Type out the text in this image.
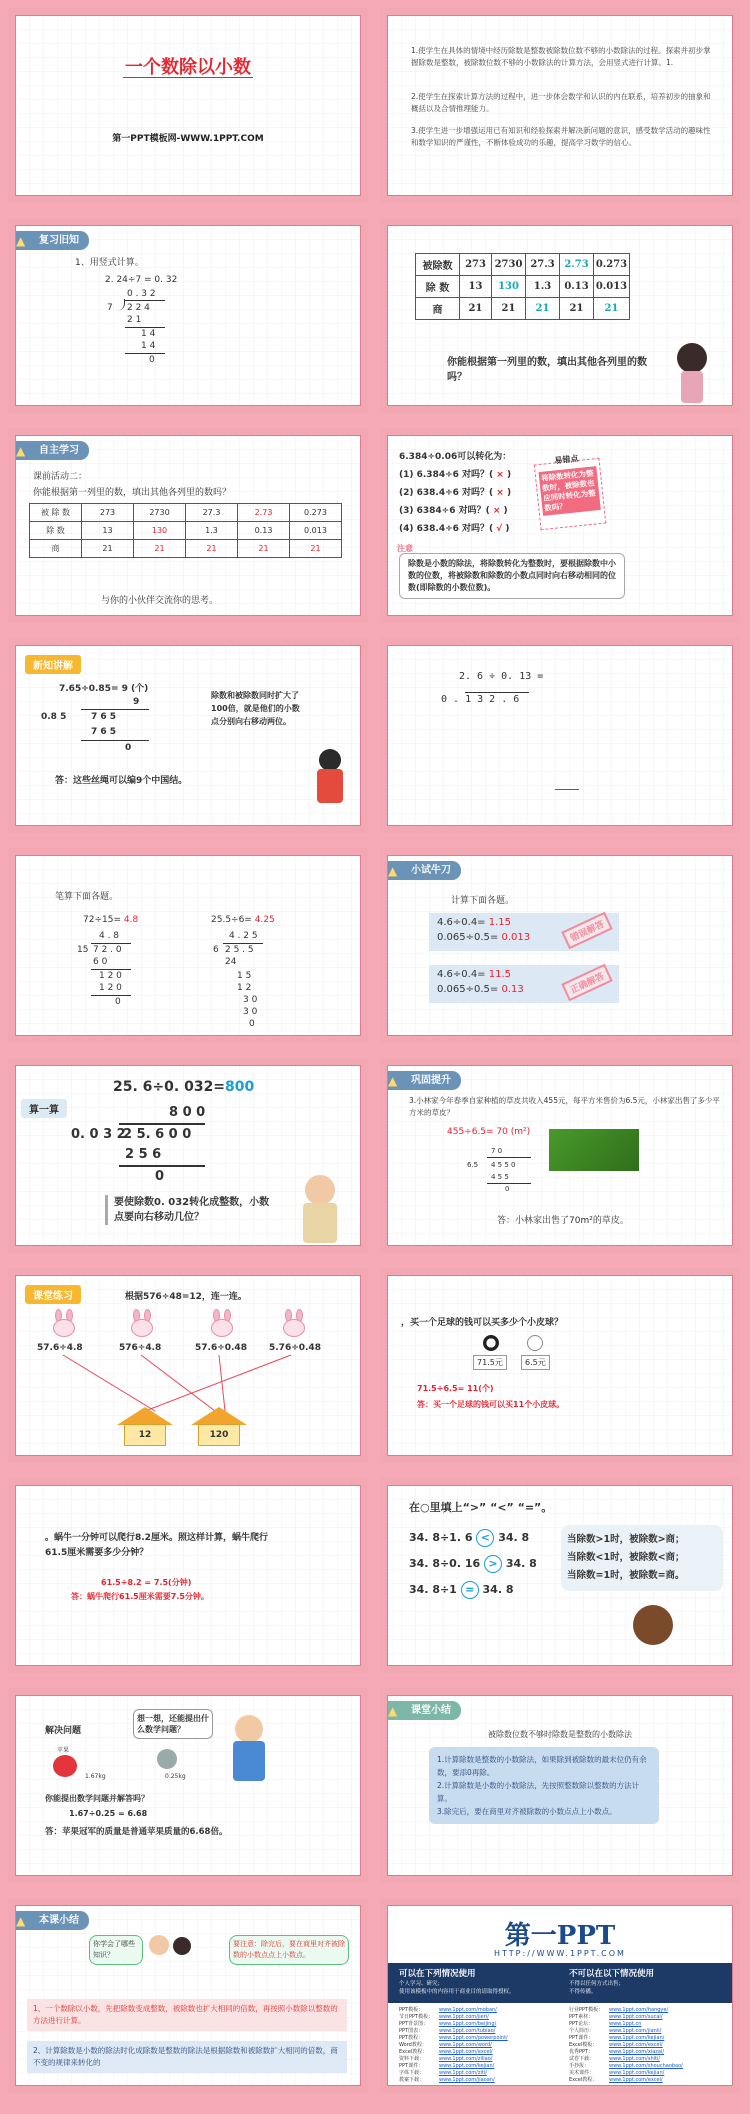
一个数除以小数
第一PPT模板网-WWW.1PPT.COM
1.使学生在具体的情境中经历除数是整数被除数位数不够的小数除法的过程。探索并初步掌握除数是整数，被除数位数不够的小数除法的计算方法，会用竖式进行计算。1.
2.使学生在探索计算方法的过程中，进一步体会数学和认识的内在联系，培养初步的抽象和概括以及合情推理能力。
3.使学生进一步增强运用已有知识和经验探索并解决新问题的意识，感受数学活动的趣味性和数学知识的严谨性，不断体验成功的乐趣，提高学习数学的信心。
▲ 复习旧知
1、用竖式计算。
2. 24÷7 = 0. 32
0 . 3 2
7 2 2 4
2 1
1 4
1 4
0
被除数	273	2730	27.3	2.73	0.273
除 数	13	130	1.3	0.13	0.013
商	21	21	21	21	21
你能根据第一列里的数，填出其他各列里的数吗？
▲ 自主学习
课前活动二：
你能根据第一列里的数，填出其他各列里的数吗？
被 除 数	273	2730	27.3	2.73	0.273
除 数	13	130	1.3	0.13	0.013
商	21	21	21	21	21
与你的小伙伴交流你的思考。
6.384÷0.06可以转化为：
(1) 6.384÷6 对吗？( × )
(2) 638.4÷6 对吗？( × )
(3) 6384÷6 对吗？( × )
(4) 638.4÷6 对吗？( √ )
易错点
将除数转化为整数时，被除数也应同时转化为整数吗？
注意
除数是小数的除法，将除数转化为整数时，要根据除数中小数的位数，将被除数和除数的小数点同时向右移动相同的位数(即除数的小数位数)。
新知讲解
7.65÷0.85= 9 (个)
9
0.8 5	7 6 5
7 6 5
0
答：这些丝绳可以编9个中国结。
除数和被除数同时扩大了100倍，就是他们的小数点分别向右移动两位。
2. 6 ÷ 0. 13 =
0 . 1 3 2 . 6
笔算下面各题。
72÷15= 4.8	25.5÷6= 4.25
4 . 8
15 7 2 . 0
6 0
1 2 0
1 2 0
0
4 . 2 5
6 2 5 . 5
24
1 5
1 2
3 0
3 0
0
▲ 小试牛刀
计算下面各题。
4.6÷0.4= 1.15
0.065÷0.5= 0.013	错误解答
4.6÷0.4= 11.5
0.065÷0.5= 0.13	正确解答
算一算
25. 6÷0. 032=800
8 0 0
0. 0 3 2
2 5. 6 0 0
2 5 6
0
要使除数0. 032转化成整数，小数点要向右移动几位？
▲ 巩固提升
3.小林家今年春季自家种植的草皮共收入455元，每平方米售价为6.5元，小林家出售了多少平方米的草皮？
455÷6.5= 70 (m²)
7 0
6.5 4 5 5 0
4 5 5
0
答：小林家出售了70m²的草皮。
课堂练习	根据576÷48=12，连一连。
57.6÷4.8	576÷4.8	57.6÷0.48 5.76÷0.48
12	120
，买一个足球的钱可以买多少个小皮球？
71.5元	6.5元
71.5÷6.5= 11(个)
答：买一个足球的钱可以买11个小皮球。
。蜗牛一分钟可以爬行8.2厘米。照这样计算，蜗牛爬行61.5厘米需要多少分钟？
61.5÷8.2 = 7.5(分钟)
答：蜗牛爬行61.5厘米需要7.5分钟。
在○里填上“>” “<” “=”。
34. 8÷1. 6 < 34. 8
34. 8÷0. 16 > 34. 8
34. 8÷1 = 34. 8
当除数>1时，被除数>商；
当除数<1时，被除数<商；
当除数=1时，被除数=商。
解决问题
想一想，还能提出什么数学问题？
苹果
1.67kg	0.25kg
你能提出数学问题并解答吗？
1.67÷0.25 = 6.68
答：苹果冠军的质量是普通苹果质量的6.68倍。
▲ 课堂小结
被除数位数不够时除数是整数的小数除法
1.计算除数是整数的小数除法，如果除到被除数的最末位仍有余数，要添0再除。
2.计算除数是小数的小数除法，先按照整数除以整数的方法计算。
3.除完后，要在商里对齐被除数的小数点点上小数点。
▲ 本课小结
你学会了哪些知识？
要注意：除完后，要在商里对齐被除数的小数点点上小数点。
1、一个数除以小数，先把除数变成整数，被除数也扩大相同的倍数，再按照小数除以整数的方法进行计算。
2、计算除数是小数的除法时化成除数是整数的除法是根据除数和被除数扩大相同的倍数，商不变的规律来转化的
第一PPT
HTTP://WWW.1PPT.COM
可以在下列情况使用
个人学习、研究；
使用该模板中的内容用于商业目的请取得授权。
不可以在以下情况使用
不得以任何方式出售；
不得传播。
PPT模板：	www.1ppt.com/moban/
节日PPT模板： www.1ppt.com/jieri/
PPT背景图： www.1ppt.com/beijing/
PPT图表：	www.1ppt.com/tubiao/
PPT教程：	www.1ppt.com/powerpoint/
Word教程： www.1ppt.com/word/
Excel教程： www.1ppt.com/excel/
资料下载：	www.1ppt.com/ziliao/
PPT课件：	www.1ppt.com/kejian/
字体下载：	www.1ppt.com/ziti/
教案下载：	www.1ppt.com/jiaoan/
行业PPT模板： www.1ppt.com/hangye/
PPT素材：	www.1ppt.com/sucai/
PPT论坛：	www.1ppt.cn
个人简历：	www.1ppt.com/jianli/
PPT课件：	www.1ppt.com/kejian/
Excel模板： www.1ppt.com/excel/
优秀PPT：	www.1ppt.com/xiazai/
试卷下载：	www.1ppt.com/shiti/
手抄报：	www.1ppt.com/shouchaobao/
美术课件：	www.1ppt.com/kejian/
Excel教程： www.1ppt.com/excel/
